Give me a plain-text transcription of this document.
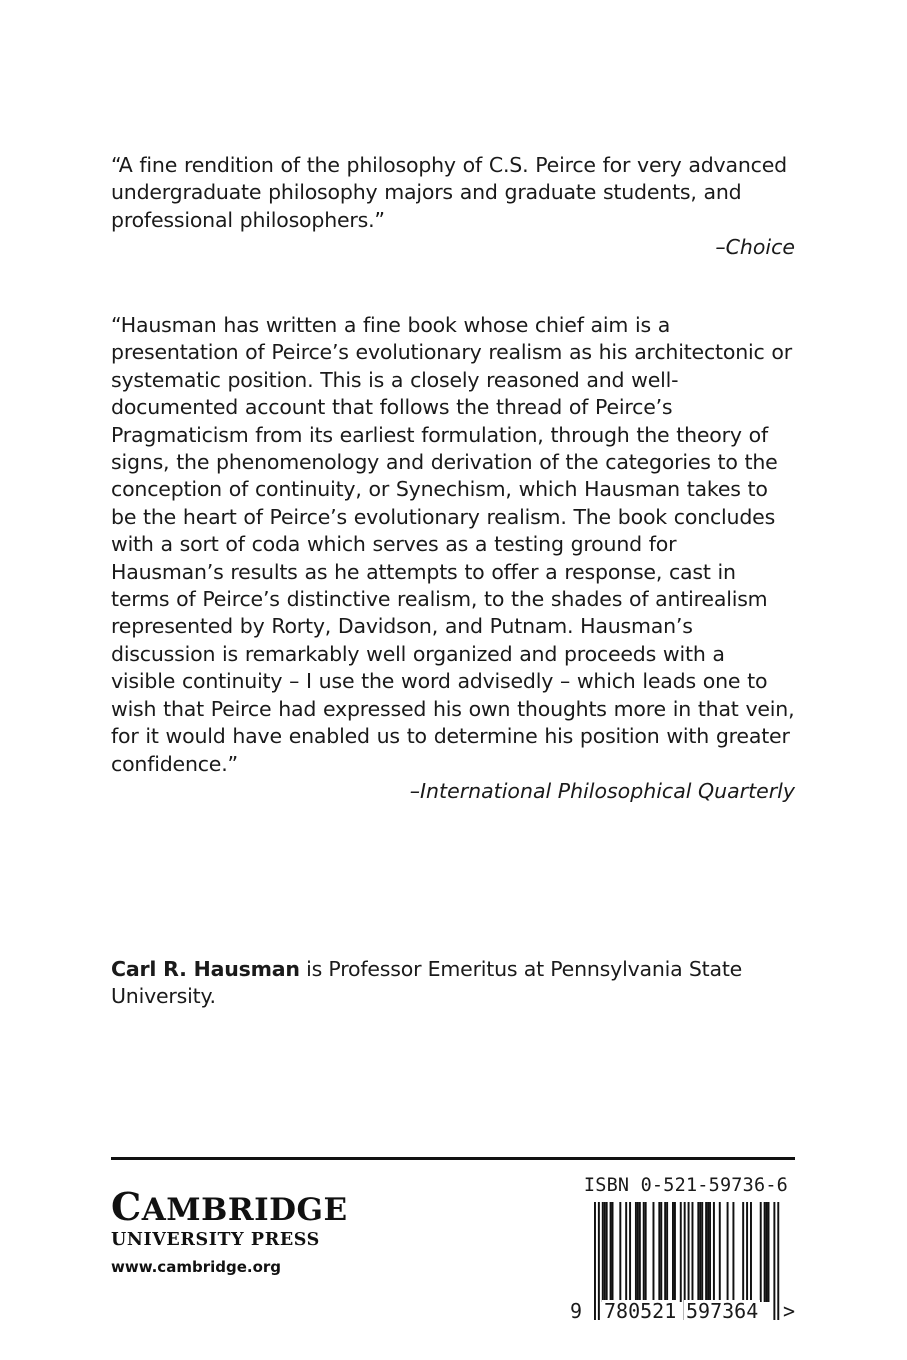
“A fine rendition of the philosophy of C.S. Peirce for very advanced undergraduate philosophy majors and graduate students, and professional philosophers.”

–Choice

“Hausman has written a fine book whose chief aim is a presentation of Peirce’s evolutionary realism as his architectonic or systematic position. This is a closely reasoned and well-documented account that follows the thread of Peirce’s Pragmaticism from its earliest formulation, through the theory of signs, the phenomenology and derivation of the categories to the conception of continuity, or Synechism, which Hausman takes to be the heart of Peirce’s evolutionary realism. The book concludes with a sort of coda which serves as a testing ground for Hausman’s results as he attempts to offer a response, cast in terms of Peirce’s distinctive realism, to the shades of antirealism represented by Rorty, Davidson, and Putnam. Hausman’s discussion is remarkably well organized and proceeds with a visible continuity – I use the word advisedly – which leads one to wish that Peirce had expressed his own thoughts more in that vein, for it would have enabled us to determine his position with greater confidence.”

–International Philosophical Quarterly

Carl R. Hausman is Professor Emeritus at Pennsylvania State University.

CAMBRIDGE
UNIVERSITY PRESS
www.cambridge.org
ISBN 0-521-59736-6
9 780521 597364 >
